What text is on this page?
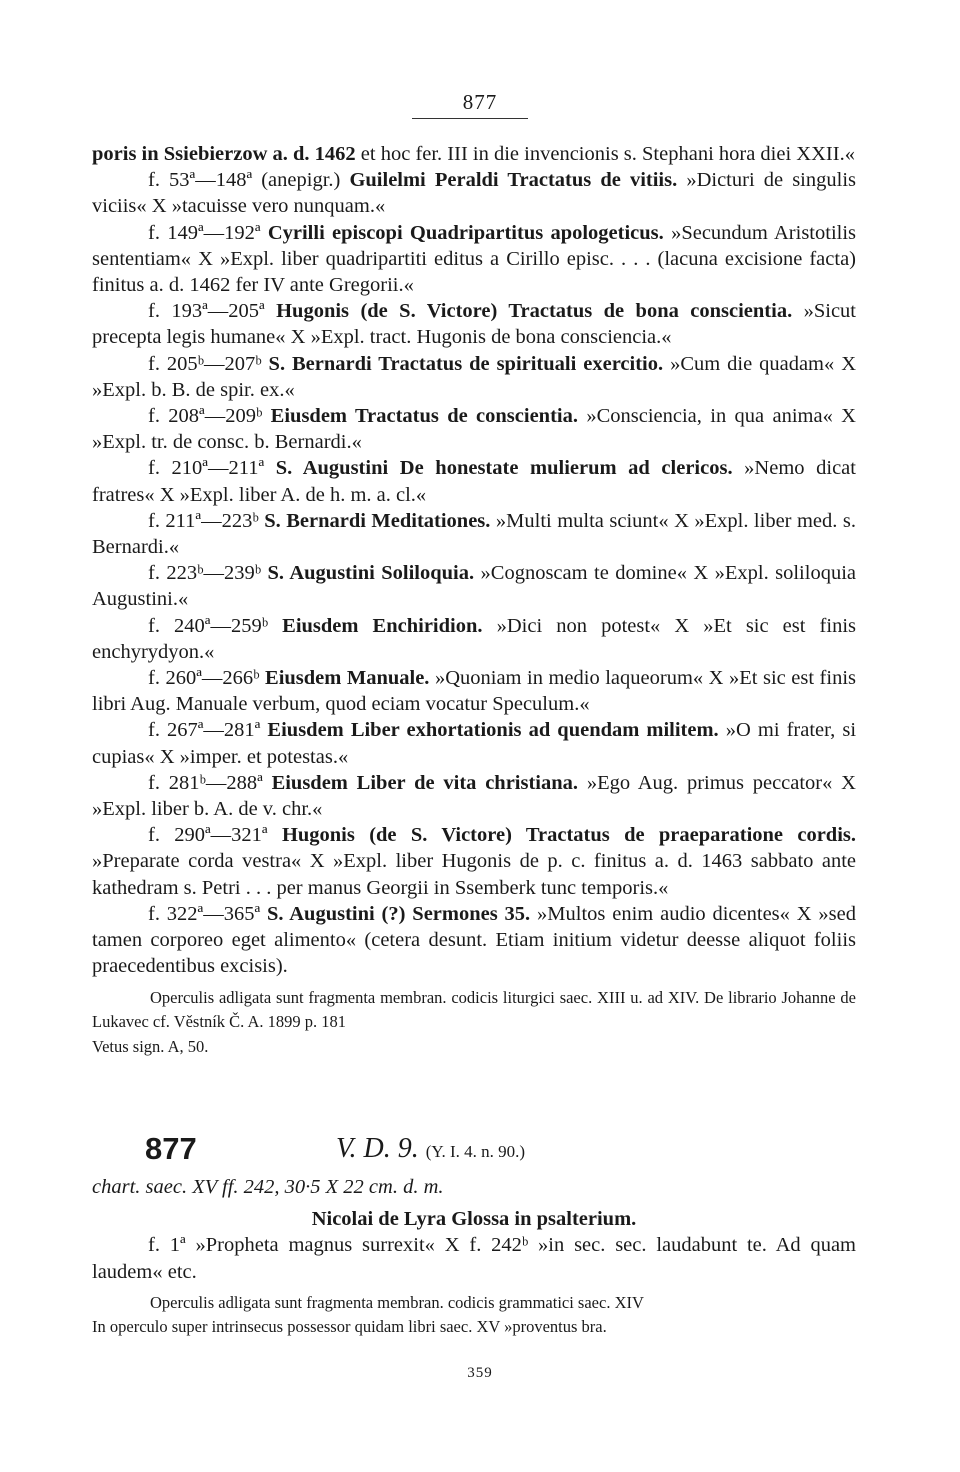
877

poris in Ssiebierzow a. d. 1462 et hoc fer. III in die invencionis s. Stephani hora diei XXII.«

f. 53ª—148ª (anepigr.) Guilelmi Peraldi Tractatus de vitiis. »Dicturi de singulis viciis« X »tacuisse vero nunquam.«

f. 149ª—192ª Cyrilli episcopi Quadripartitus apologeticus. »Secundum Aristotilis sententiam« X »Expl. liber quadripartiti editus a Cirillo episc. . . . (lacuna excisione facta) finitus a. d. 1462 fer IV ante Gregorii.«

f. 193ª—205ª Hugonis (de S. Victore) Tractatus de bona conscientia. »Sicut precepta legis humane« X »Expl. tract. Hugonis de bona consciencia.«

f. 205ᵇ—207ᵇ S. Bernardi Tractatus de spirituali exercitio. »Cum die quadam« X »Expl. b. B. de spir. ex.«

f. 208ª—209ᵇ Eiusdem Tractatus de conscientia. »Consciencia, in qua anima« X »Expl. tr. de consc. b. Bernardi.«

f. 210ª—211ª S. Augustini De honestate mulierum ad clericos. »Nemo dicat fratres« X »Expl. liber A. de h. m. a. cl.«

f. 211ª—223ᵇ S. Bernardi Meditationes. »Multi multa sciunt« X »Expl. liber med. s. Bernardi.«

f. 223ᵇ—239ᵇ S. Augustini Soliloquia. »Cognoscam te domine« X »Expl. soliloquia Augustini.«

f. 240ª—259ᵇ Eiusdem Enchiridion. »Dici non potest« X »Et sic est finis enchyrydyon.«

f. 260ª—266ᵇ Eiusdem Manuale. »Quoniam in medio laqueorum« X »Et sic est finis libri Aug. Manuale verbum, quod eciam vocatur Speculum.«

f. 267ª—281ª Eiusdem Liber exhortationis ad quendam militem. »O mi frater, si cupias« X »imper. et potestas.«

f. 281ᵇ—288ª Eiusdem Liber de vita christiana. »Ego Aug. primus peccator« X »Expl. liber b. A. de v. chr.«

f. 290ª—321ª Hugonis (de S. Victore) Tractatus de praeparatione cordis. »Preparate corda vestra« X »Expl. liber Hugonis de p. c. finitus a. d. 1463 sabbato ante kathedram s. Petri . . . per manus Georgii in Ssemberk tunc temporis.«

f. 322ª—365ª S. Augustini (?) Sermones 35. »Multos enim audio dicentes« X »sed tamen corporeo eget alimento« (cetera desunt. Etiam initium videtur deesse aliquot foliis praecedentibus excisis).

Operculis adligata sunt fragmenta membran. codicis liturgici saec. XIII u. ad XIV. De librario Johanne de Lukavec cf. Věstník Č. A. 1899 p. 181

Vetus sign. A, 50.

877	V. D. 9. (Y. I. 4. n. 90.)

chart. saec. XV ff. 242, 30·5 X 22 cm. d. m.

Nicolai de Lyra Glossa in psalterium.

f. 1ª »Propheta magnus surrexit« X f. 242ᵇ »in sec. sec. laudabunt te. Ad quam laudem« etc.

Operculis adligata sunt fragmenta membran. codicis grammatici saec. XIV

In operculo super intrinsecus possessor quidam libri saec. XV »proventus bra.

359
